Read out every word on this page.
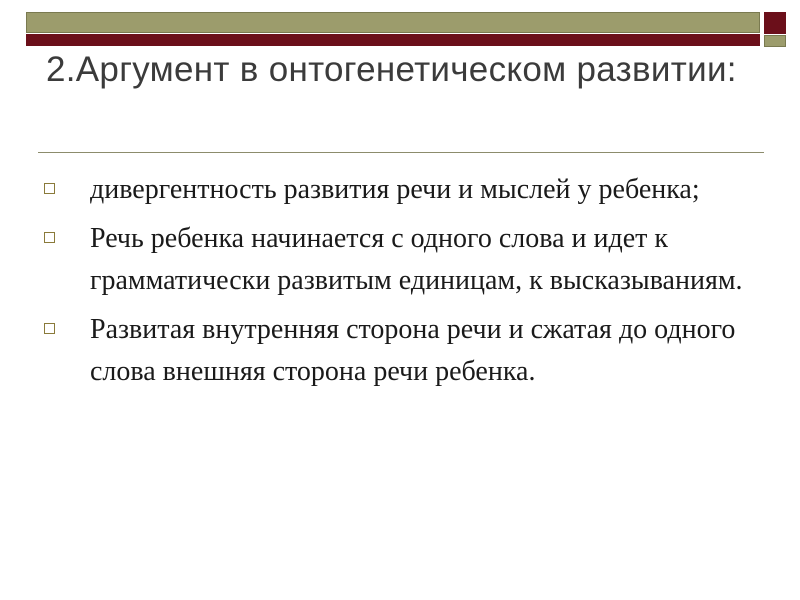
2.Аргумент в онтогенетическом развитии:
дивергентность развития речи и мыслей у ребенка;
Речь ребенка начинается с одного слова и идет к грамматически развитым единицам, к высказываниям.
Развитая внутренняя сторона речи и сжатая до одного слова внешняя сторона речи ребенка.
